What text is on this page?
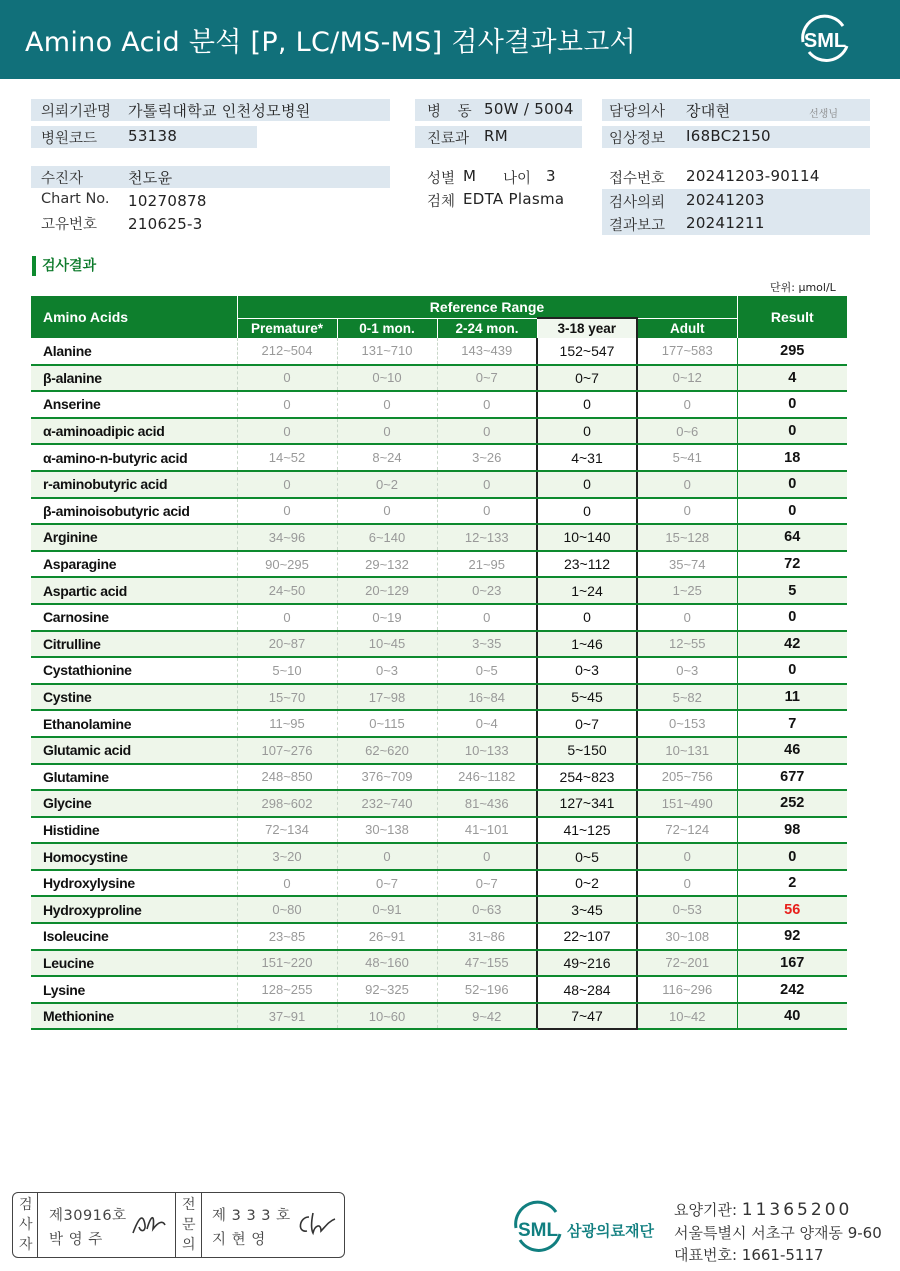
Amino Acid 분석 [P, LC/MS-MS] 검사결과보고서	SML
의뢰기관명 가톨릭대학교 인천성모병원
병원코드 53138
병 동 50W / 5004
진료과 RM
담당의사 장대현	선생님
임상정보 I68BC2150
수진자	천도윤
Chart No. 10270878
고유번호 210625-3
성별 M 나이 3
검체 EDTA Plasma
접수번호 20241203-90114
검사의뢰 20241203
결과보고 20241211
검사결과
단위: μmol/L
Amino Acids	Reference Range					Result
	Premature*	0-1 mon.	2-24 mon.	3-18 year	Adult	
Alanine	212~504	131~710	143~439	152~547	177~583	295
β-alanine	0	0~10	0~7	0~7	0~12	4
Anserine	0	0	0	0	0	0
α-aminoadipic acid	0	0	0	0	0~6	0
α-amino-n-butyric acid	14~52	8~24	3~26	4~31	5~41	18
r-aminobutyric acid	0	0~2	0	0	0	0
β-aminoisobutyric acid	0	0	0	0	0	0
Arginine	34~96	6~140	12~133	10~140	15~128	64
Asparagine	90~295	29~132	21~95	23~112	35~74	72
Aspartic acid	24~50	20~129	0~23	1~24	1~25	5
Carnosine	0	0~19	0	0	0	0
Citrulline	20~87	10~45	3~35	1~46	12~55	42
Cystathionine	5~10	0~3	0~5	0~3	0~3	0
Cystine	15~70	17~98	16~84	5~45	5~82	11
Ethanolamine	11~95	0~115	0~4	0~7	0~153	7
Glutamic acid	107~276	62~620	10~133	5~150	10~131	46
Glutamine	248~850	376~709	246~1182	254~823	205~756	677
Glycine	298~602	232~740	81~436	127~341	151~490	252
Histidine	72~134	30~138	41~101	41~125	72~124	98
Homocystine	3~20	0	0	0~5	0	0
Hydroxylysine	0	0~7	0~7	0~2	0	2
Hydroxyproline	0~80	0~91	0~63	3~45	0~53	56
Isoleucine	23~85	26~91	31~86	22~107	30~108	92
Leucine	151~220	48~160	47~155	49~216	72~201	167
Lysine	128~255	92~325	52~196	48~284	116~296	242
Methionine	37~91	10~60	9~42	7~47	10~42	40
검
사
자
제30916호
박 영 주
전
문
의
제 3 3 3 호
지 현 영	SML 삼광의료재단
요양기관: 11365200
서울특별시 서초구 양재동 9-60
대표번호: 1661-5117
